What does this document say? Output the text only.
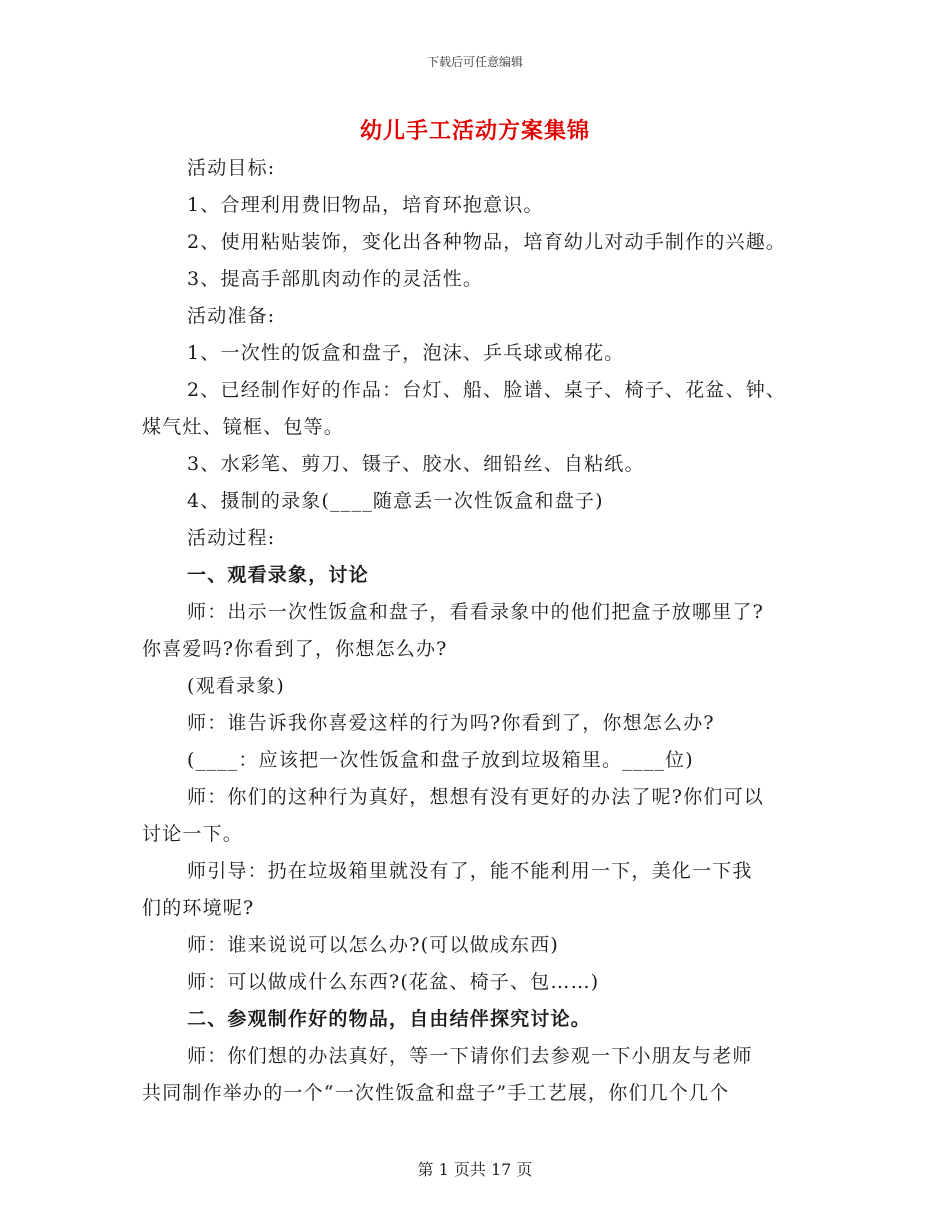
下载后可任意编辑
幼儿手工活动方案集锦
活动目标:
1、合理利用费旧物品，培育环抱意识。
2、使用粘贴装饰，变化出各种物品，培育幼儿对动手制作的兴趣。
3、提高手部肌肉动作的灵活性。
活动准备:
1、一次性的饭盒和盘子，泡沫、乒乓球或棉花。
2、已经制作好的作品：台灯、船、脸谱、桌子、椅子、花盆、钟、
煤气灶、镜框、包等。
3、水彩笔、剪刀、镊子、胶水、细铅丝、自粘纸。
4、摄制的录象(____随意丢一次性饭盒和盘子)
活动过程:
一、观看录象，讨论
师：出示一次性饭盒和盘子，看看录象中的他们把盒子放哪里了?
你喜爱吗?你看到了，你想怎么办?
(观看录象)
师：谁告诉我你喜爱这样的行为吗?你看到了，你想怎么办?
(____：应该把一次性饭盒和盘子放到垃圾箱里。____位)
师：你们的这种行为真好，想想有没有更好的办法了呢?你们可以
讨论一下。
师引导：扔在垃圾箱里就没有了，能不能利用一下，美化一下我
们的环境呢?
师：谁来说说可以怎么办?(可以做成东西)
师：可以做成什么东西?(花盆、椅子、包……)
二、参观制作好的物品，自由结伴探究讨论。
师：你们想的办法真好，等一下请你们去参观一下小朋友与老师
共同制作举办的一个“一次性饭盒和盘子”手工艺展，你们几个几个
第 1 页共 17 页
